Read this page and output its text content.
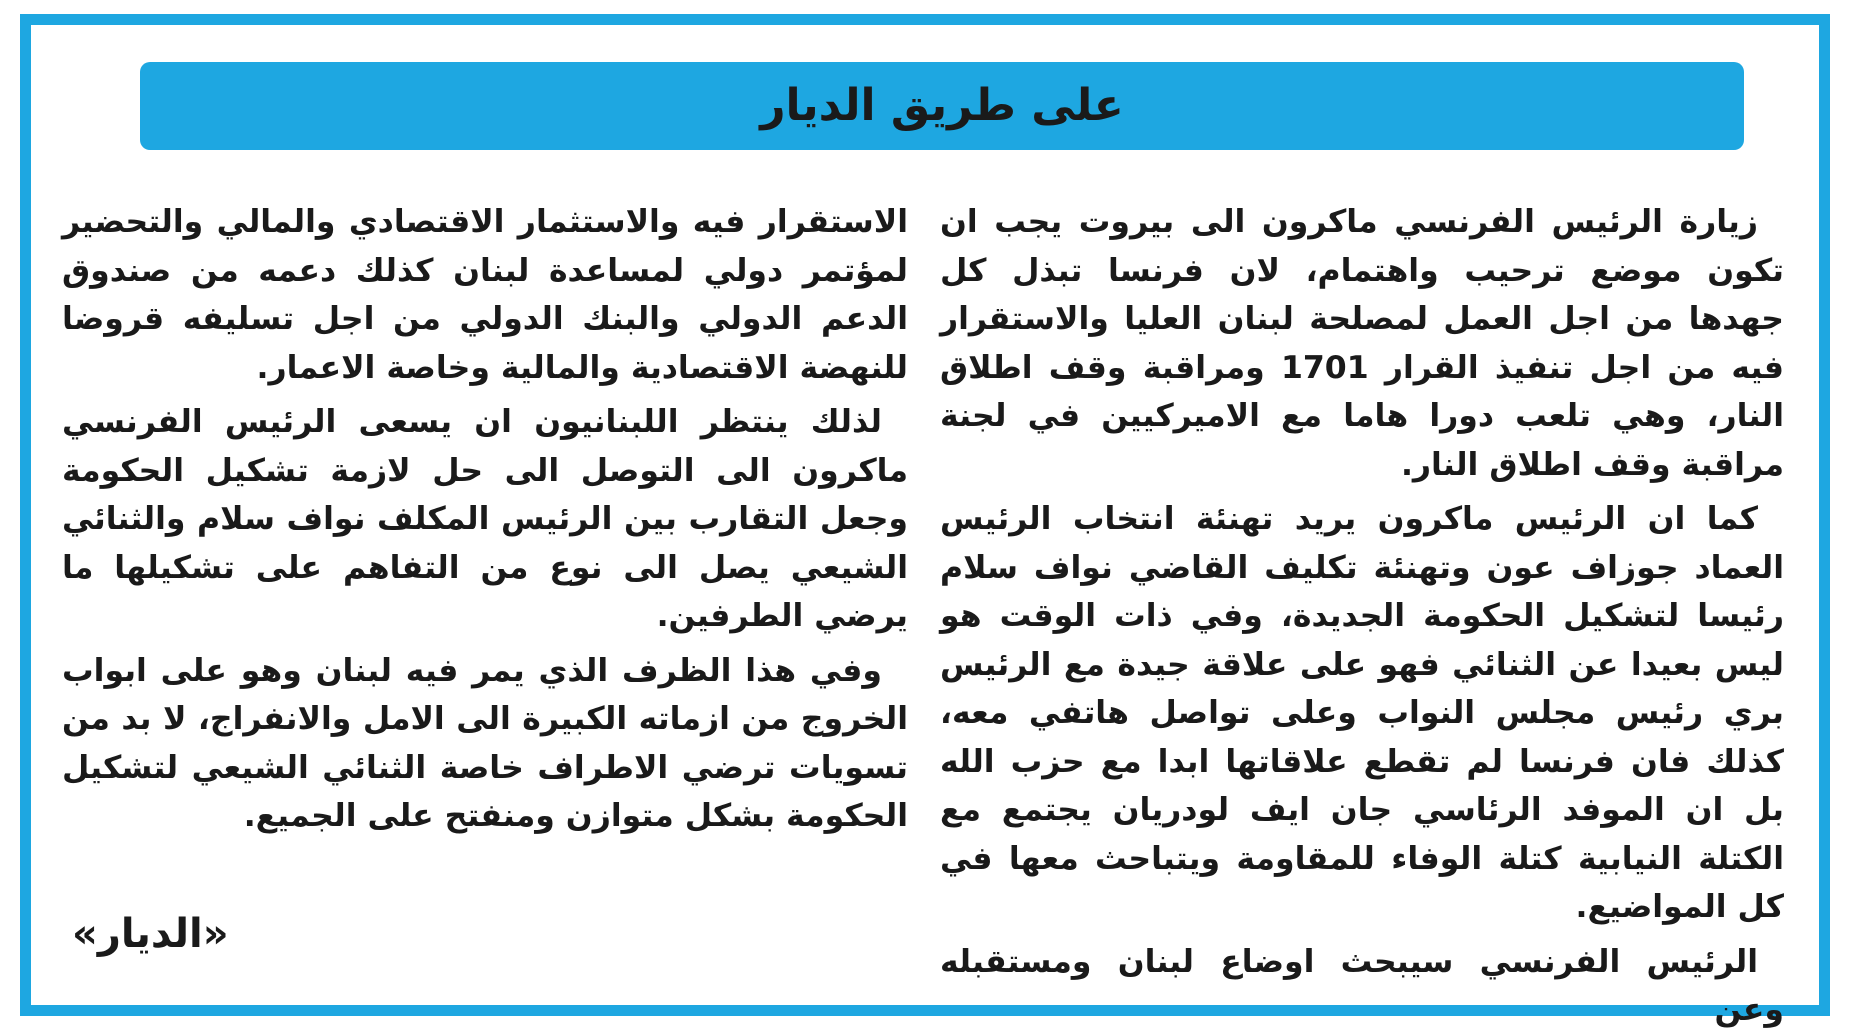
على طريق الديار

زيارة الرئيس الفرنسي ماكرون الى بيروت يجب ان تكون موضع ترحيب واهتمام، لان فرنسا تبذل كل جهدها من اجل العمل لمصلحة لبنان العليا والاستقرار فيه من اجل تنفيذ القرار 1701 ومراقبة وقف اطلاق النار، وهي تلعب دورا هاما مع الاميركيين في لجنة مراقبة وقف اطلاق النار.

كما ان الرئيس ماكرون يريد تهنئة انتخاب الرئيس العماد جوزاف عون وتهنئة تكليف القاضي نواف سلام رئيسا لتشكيل الحكومة الجديدة، وفي ذات الوقت هو ليس بعيدا عن الثنائي فهو على علاقة جيدة مع الرئيس بري رئيس مجلس النواب وعلى تواصل هاتفي معه، كذلك فان فرنسا لم تقطع علاقاتها ابدا مع حزب الله بل ان الموفد الرئاسي جان ايف لودريان يجتمع مع الكتلة النيابية كتلة الوفاء للمقاومة ويتباحث معها في كل المواضيع.

الرئيس الفرنسي سيبحث اوضاع لبنان ومستقبله وعن

الاستقرار فيه والاستثمار الاقتصادي والمالي والتحضير لمؤتمر دولي لمساعدة لبنان كذلك دعمه من صندوق الدعم الدولي والبنك الدولي من اجل تسليفه قروضا للنهضة الاقتصادية والمالية وخاصة الاعمار.

لذلك ينتظر اللبنانيون ان يسعى الرئيس الفرنسي ماكرون الى التوصل الى حل لازمة تشكيل الحكومة وجعل التقارب بين الرئيس المكلف نواف سلام والثنائي الشيعي يصل الى نوع من التفاهم على تشكيلها ما يرضي الطرفين.

وفي هذا الظرف الذي يمر فيه لبنان وهو على ابواب الخروج من ازماته الكبيرة الى الامل والانفراج، لا بد من تسويات ترضي الاطراف خاصة الثنائي الشيعي لتشكيل الحكومة بشكل متوازن ومنفتح على الجميع.

«الديار»
